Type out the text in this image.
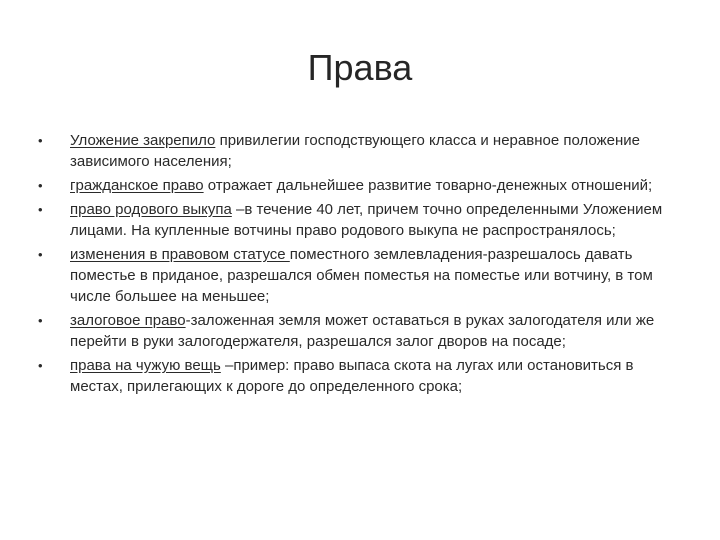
Права
•	Уложение закрепило привилегии господствующего класса и неравное положение зависимого населения;
•	гражданское право отражает дальнейшее развитие товарно-денежных отношений;
•	право родового выкупа –в течение 40 лет, причем точно определенными Уложением лицами. На купленные вотчины право родового выкупа не распространялось;
•	изменения в правовом статусе поместного землевладения-разрешалось давать поместье в приданое, разрешался обмен поместья на поместье или вотчину, в том числе большее на меньшее;
•	залоговое право-заложенная земля может оставаться в руках залогодателя или же перейти в руки залогодержателя, разрешался залог дворов на посаде;
•	права на чужую вещь –пример: право выпаса скота на лугах или остановиться в местах, прилегающих к дороге до определенного срока;
